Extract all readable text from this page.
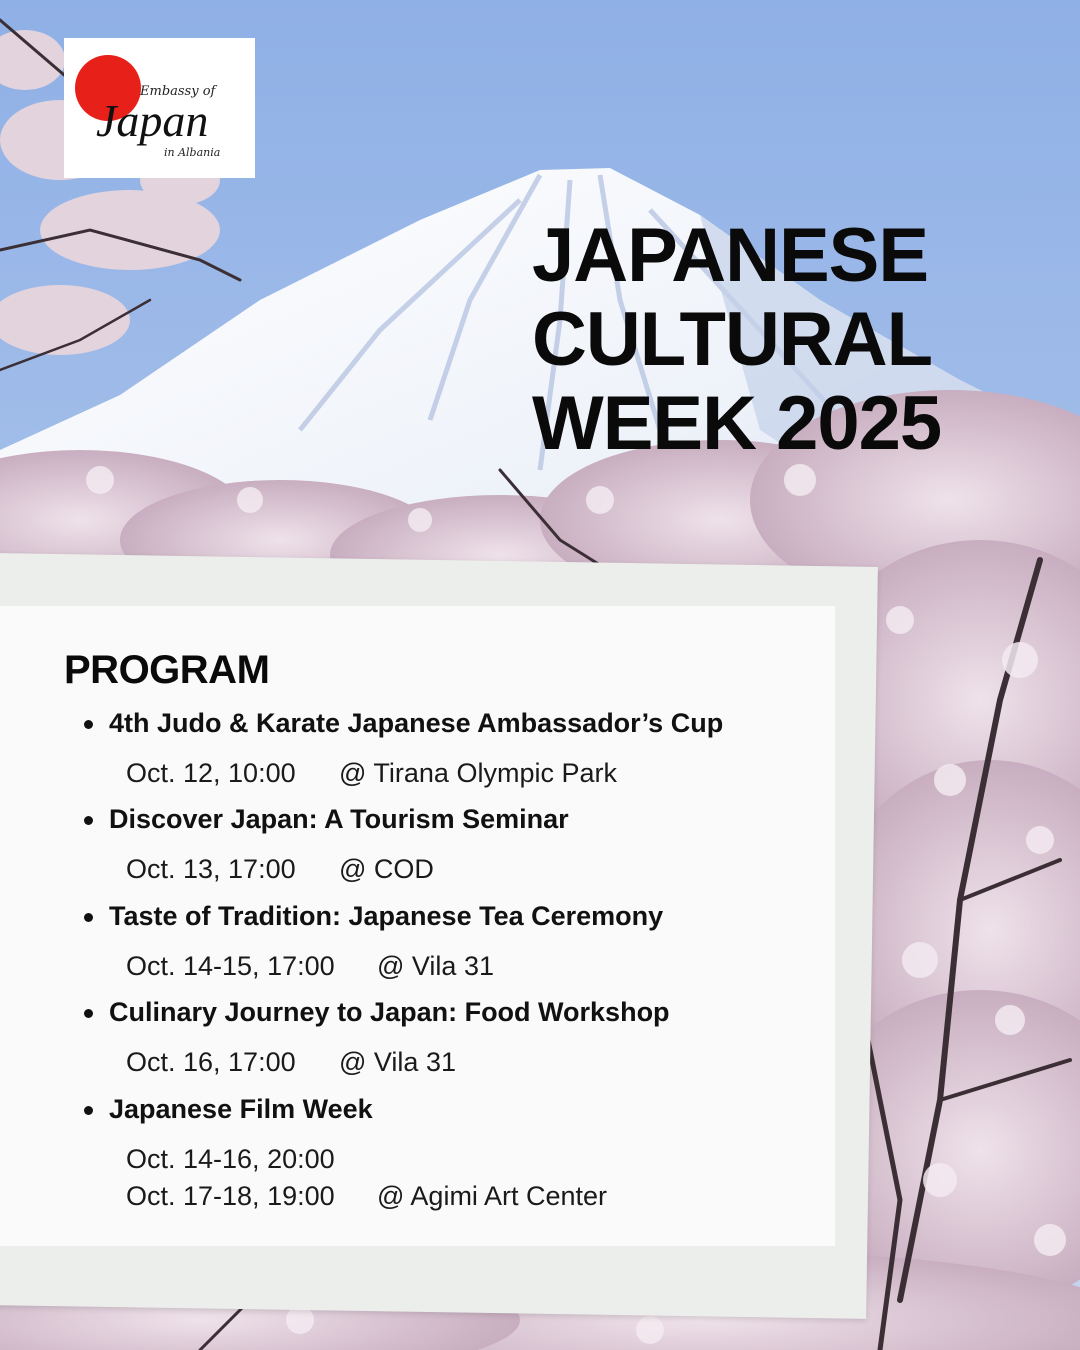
Embassy of
Japan
in Albania
JAPANESE
CULTURAL
WEEK 2025
PROGRAM
4th Judo & Karate Japanese Ambassador’s Cup
Oct. 12, 10:00 @ Tirana Olympic Park
Discover Japan: A Tourism Seminar
Oct. 13, 17:00 @ COD
Taste of Tradition: Japanese Tea Ceremony
Oct. 14-15, 17:00 @ Vila 31
Culinary Journey to Japan: Food Workshop
Oct. 16, 17:00 @ Vila 31
Japanese Film Week
Oct. 14-16, 20:00
Oct. 17-18, 19:00 @ Agimi Art Center
